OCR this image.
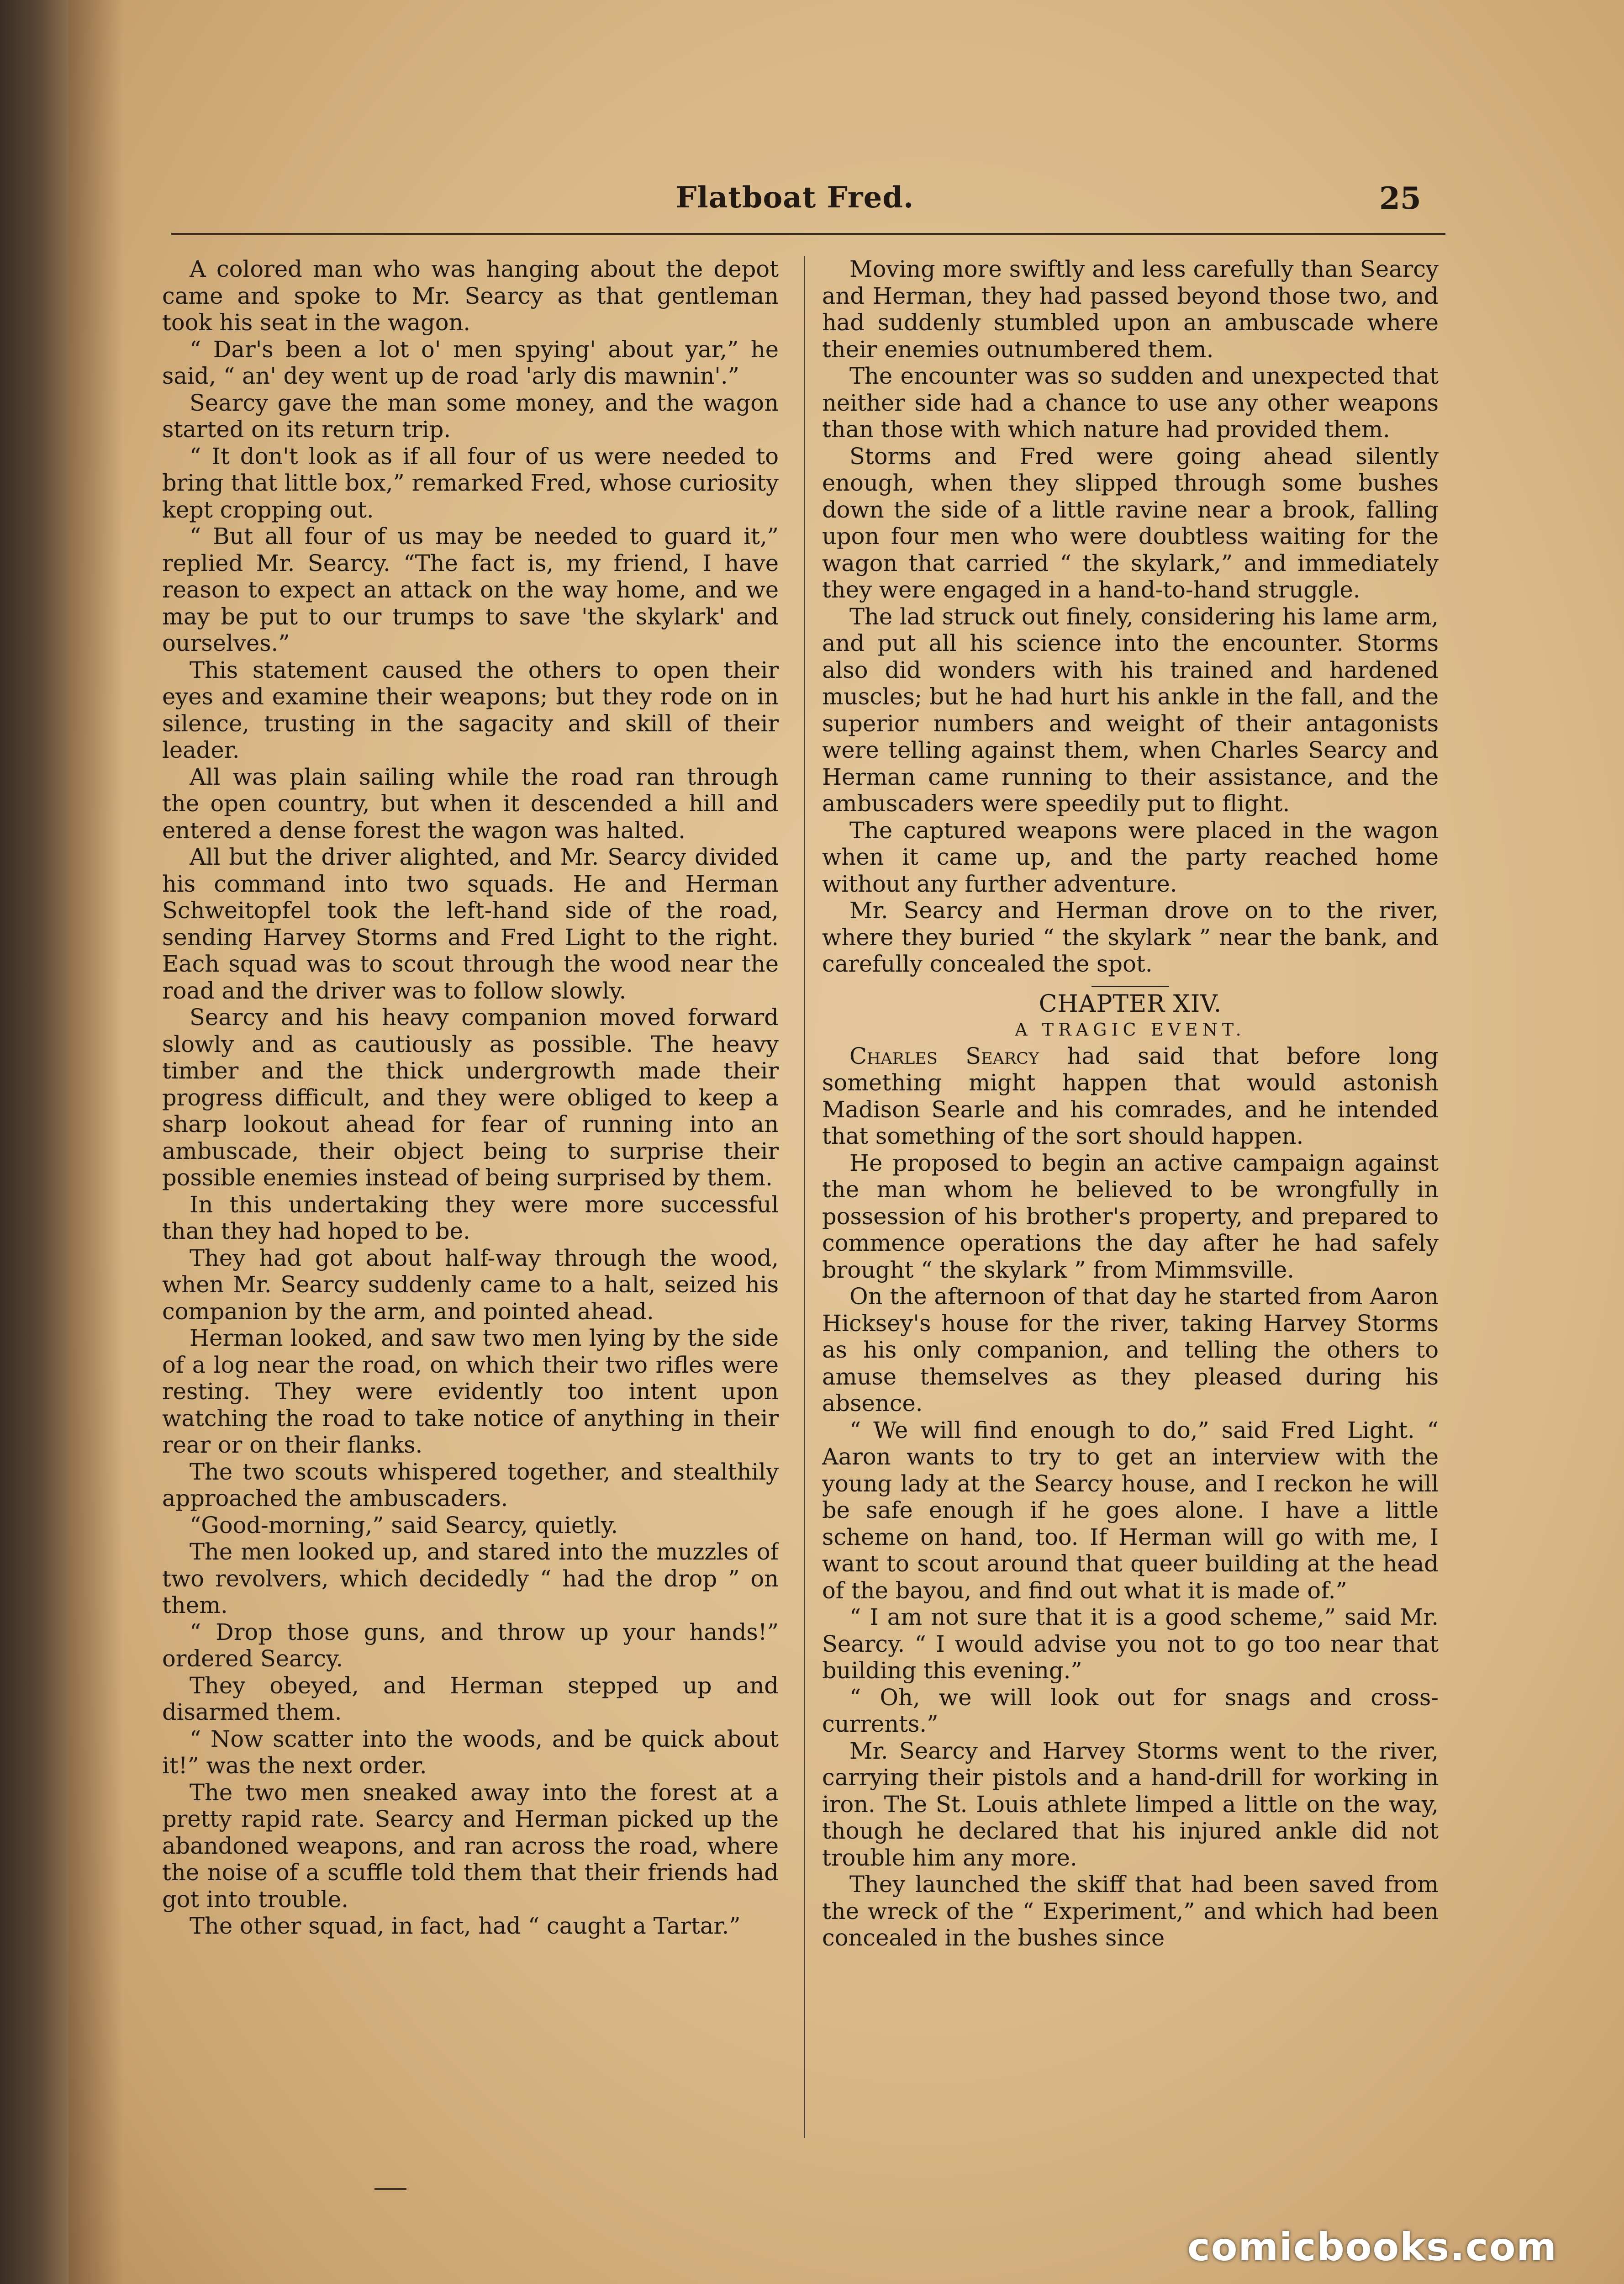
Flatboat Fred.	25

A colored man who was hanging about the depot came and spoke to Mr. Searcy as that gentleman took his seat in the wagon.

“ Dar's been a lot o' men spying' about yar,” he said, “ an' dey went up de road 'arly dis mawnin'.”

Searcy gave the man some money, and the wagon started on its return trip.

“ It don't look as if all four of us were needed to bring that little box,” remarked Fred, whose curiosity kept cropping out.

“ But all four of us may be needed to guard it,” replied Mr. Searcy. “The fact is, my friend, I have reason to expect an attack on the way home, and we may be put to our trumps to save 'the skylark' and ourselves.”

This statement caused the others to open their eyes and examine their weapons; but they rode on in silence, trusting in the sagacity and skill of their leader.

All was plain sailing while the road ran through the open country, but when it descended a hill and entered a dense forest the wagon was halted.

All but the driver alighted, and Mr. Searcy divided his command into two squads. He and Herman Schweitopfel took the left-hand side of the road, sending Harvey Storms and Fred Light to the right. Each squad was to scout through the wood near the road and the driver was to follow slowly.

Searcy and his heavy companion moved forward slowly and as cautiously as possible. The heavy timber and the thick undergrowth made their progress difficult, and they were obliged to keep a sharp lookout ahead for fear of running into an ambuscade, their object being to surprise their possible enemies instead of being surprised by them.

In this undertaking they were more successful than they had hoped to be.

They had got about half-way through the wood, when Mr. Searcy suddenly came to a halt, seized his companion by the arm, and pointed ahead.

Herman looked, and saw two men lying by the side of a log near the road, on which their two rifles were resting. They were evidently too intent upon watching the road to take notice of anything in their rear or on their flanks.

The two scouts whispered together, and stealthily approached the ambuscaders.

“Good-morning,” said Searcy, quietly.

The men looked up, and stared into the muzzles of two revolvers, which decidedly “ had the drop ” on them.

“ Drop those guns, and throw up your hands!” ordered Searcy.

They obeyed, and Herman stepped up and disarmed them.

“ Now scatter into the woods, and be quick about it!” was the next order.

The two men sneaked away into the forest at a pretty rapid rate. Searcy and Herman picked up the abandoned weapons, and ran across the road, where the noise of a scuffle told them that their friends had got into trouble.

The other squad, in fact, had “ caught a Tartar.”

Moving more swiftly and less carefully than Searcy and Herman, they had passed beyond those two, and had suddenly stumbled upon an ambuscade where their enemies outnumbered them.

The encounter was so sudden and unexpected that neither side had a chance to use any other weapons than those with which nature had provided them.

Storms and Fred were going ahead silently enough, when they slipped through some bushes down the side of a little ravine near a brook, falling upon four men who were doubtless waiting for the wagon that carried “ the skylark,” and immediately they were engaged in a hand-to-hand struggle.

The lad struck out finely, considering his lame arm, and put all his science into the encounter. Storms also did wonders with his trained and hardened muscles; but he had hurt his ankle in the fall, and the superior numbers and weight of their antagonists were telling against them, when Charles Searcy and Herman came running to their assistance, and the ambuscaders were speedily put to flight.

The captured weapons were placed in the wagon when it came up, and the party reached home without any further adventure.

Mr. Searcy and Herman drove on to the river, where they buried “ the skylark ” near the bank, and carefully concealed the spot.

CHAPTER XIV.

A TRAGIC EVENT.

Charles Searcy had said that before long something might happen that would astonish Madison Searle and his comrades, and he intended that something of the sort should happen.

He proposed to begin an active campaign against the man whom he believed to be wrongfully in possession of his brother's property, and prepared to commence operations the day after he had safely brought “ the skylark ” from Mimmsville.

On the afternoon of that day he started from Aaron Hicksey's house for the river, taking Harvey Storms as his only companion, and telling the others to amuse themselves as they pleased during his absence.

“ We will find enough to do,” said Fred Light. “ Aaron wants to try to get an interview with the young lady at the Searcy house, and I reckon he will be safe enough if he goes alone. I have a little scheme on hand, too. If Herman will go with me, I want to scout around that queer building at the head of the bayou, and find out what it is made of.”

“ I am not sure that it is a good scheme,” said Mr. Searcy. “ I would advise you not to go too near that building this evening.”

“ Oh, we will look out for snags and cross-currents.”

Mr. Searcy and Harvey Storms went to the river, carrying their pistols and a hand-drill for working in iron. The St. Louis athlete limped a little on the way, though he declared that his injured ankle did not trouble him any more.

They launched the skiff that had been saved from the wreck of the “ Experiment,” and which had been concealed in the bushes since

comicbooks.com
